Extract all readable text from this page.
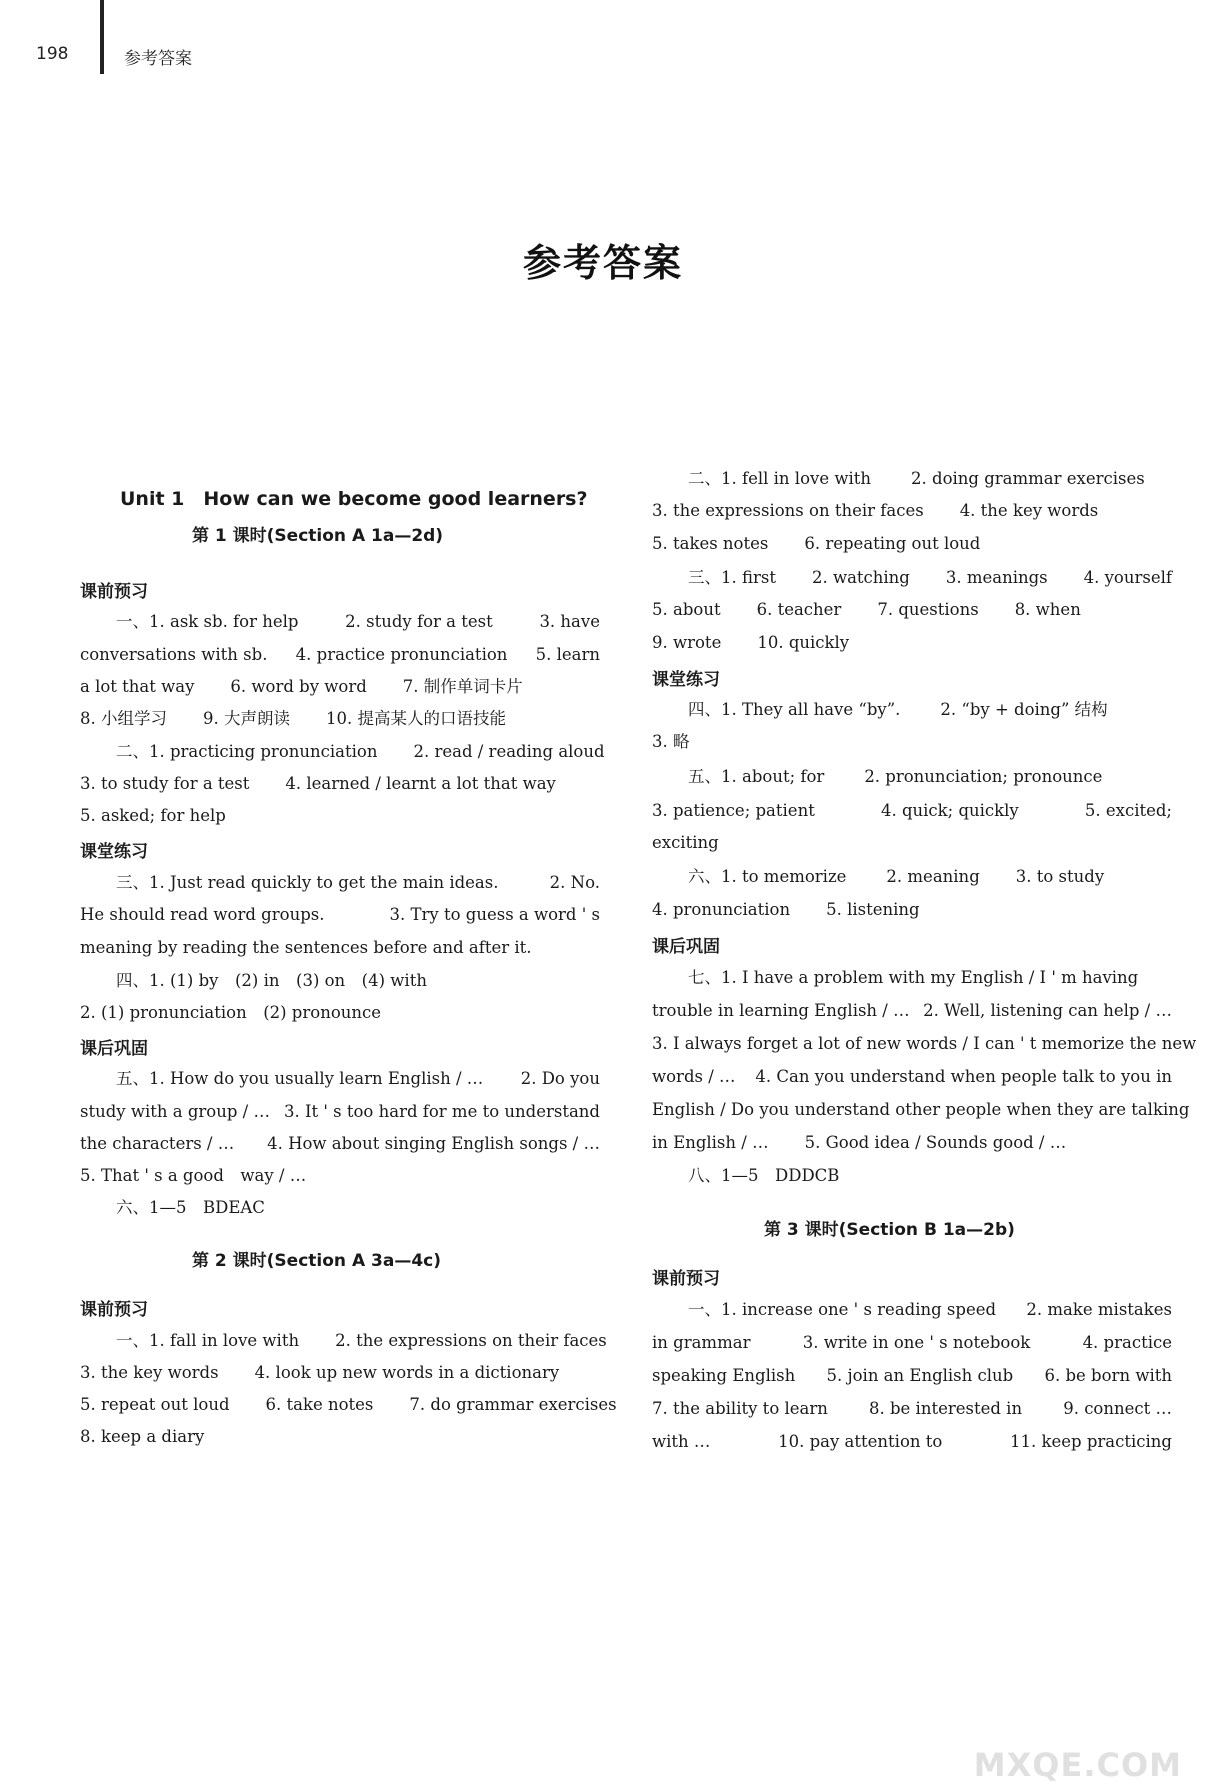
198	参考答案
参考答案
Unit 1　How can we become good learners?
第 1 课时(Section A 1a—2d)
课前预习
一、1. ask sb. for help	2. study for a test	3. have
conversations with sb. 4. practice pronunciation 5. learn
a lot that way 6. word by word 7. 制作单词卡片
8. 小组学习 9. 大声朗读 10. 提高某人的口语技能
二、1. practicing pronunciation 2. read / reading aloud
3. to study for a test 4. learned / learnt a lot that way
5. asked; for help
课堂练习
三、1. Just read quickly to get the main ideas.	2. No.
He should read word groups.	3. Try to guess a word ' s
meaning by reading the sentences before and after it.
四、1. (1) by　(2) in　(3) on　(4) with
2. (1) pronunciation　(2) pronounce
课后巩固
五、1. How do you usually learn English / … 2. Do you
study with a group / … 3. It ' s too hard for me to understand
the characters / … 4. How about singing English songs / …
5. That ' s a good　way / …
六、1—5　BDEAC
第 2 课时(Section A 3a—4c)
课前预习
一、1. fall in love with 2. the expressions on their faces
3. the key words 4. look up new words in a dictionary
5. repeat out loud 6. take notes 7. do grammar exercises
8. keep a diary
二、1. fell in love with 2. doing grammar exercises
3. the expressions on their faces 4. the key words
5. takes notes 6. repeating out loud
三、1. first 2. watching 3. meanings 4. yourself
5. about 6. teacher 7. questions 8. when
9. wrote 10. quickly
课堂练习
四、1. They all have “by”. 2. “by + doing” 结构
3. 略
五、1. about; for 2. pronunciation; pronounce
3. patience; patient	4. quick; quickly	5. excited;
exciting
六、1. to memorize 2. meaning 3. to study
4. pronunciation 5. listening
课后巩固
七、1. I have a problem with my English / I ' m having
trouble in learning English / … 2. Well, listening can help / …
3. I always forget a lot of new words / I can ' t memorize the new
words / … 4. Can you understand when people talk to you in
English / Do you understand other people when they are talking
in English / … 5. Good idea / Sounds good / …
八、1—5　DDDCB
第 3 课时(Section B 1a—2b)
课前预习
一、1. increase one ' s reading speed 2. make mistakes
in grammar	3. write in one ' s notebook	4. practice
speaking English 5. join an English club 6. be born with
7. the ability to learn 8. be interested in 9. connect …
with …	10. pay attention to	11. keep practicing
MXQE.COM
